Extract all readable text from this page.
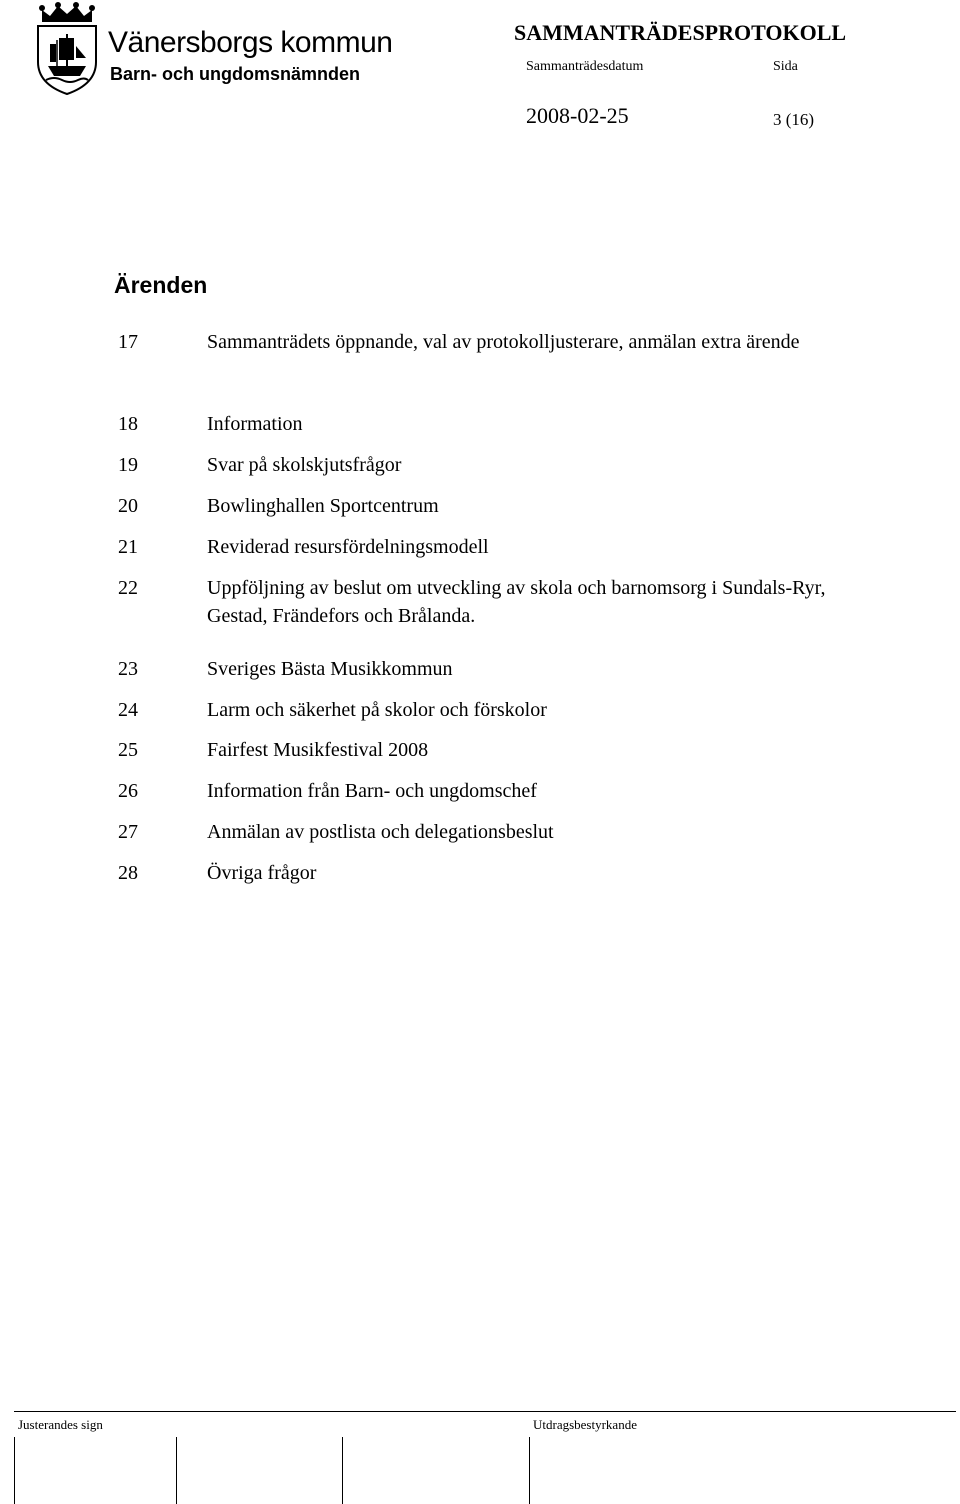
Vänersborgs kommun
Barn- och ungdomsnämnden
SAMMANTRÄDESPROTOKOLL
Sammanträdesdatum	Sida
2008-02-25	3 (16)
Ärenden
17	Sammanträdets öppnande, val av protokolljusterare, anmälan extra ärende
18	Information
19	Svar på skolskjutsfrågor
20	Bowlinghallen Sportcentrum
21	Reviderad resursfördelningsmodell
22	Uppföljning av beslut om utveckling av skola och barnomsorg i Sundals-Ryr, Gestad, Frändefors och Brålanda.
23	Sveriges Bästa Musikkommun
24	Larm och säkerhet på skolor och förskolor
25	Fairfest Musikfestival 2008
26	Information från Barn- och ungdomschef
27	Anmälan av postlista och delegationsbeslut
28	Övriga frågor
Justerandes sign	Utdragsbestyrkande
